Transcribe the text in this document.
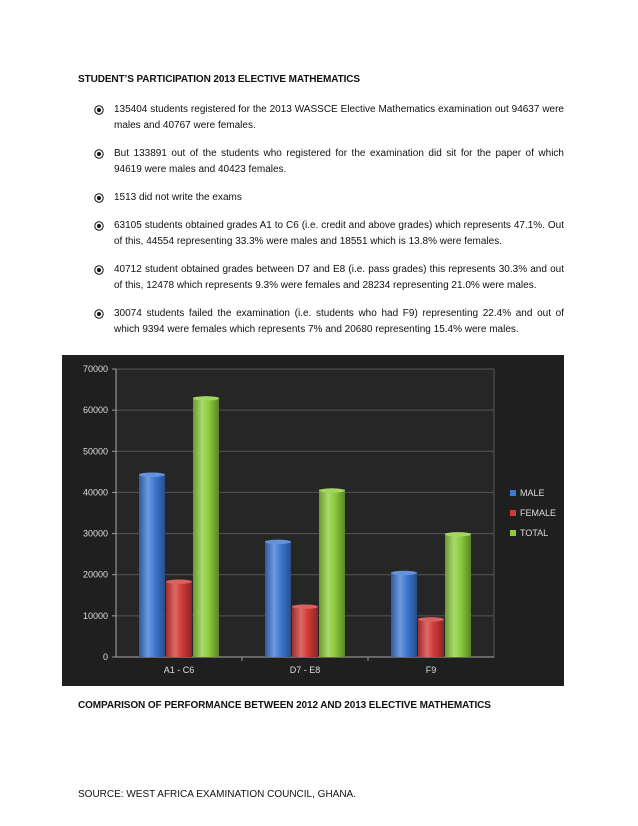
STUDENT’S PARTICIPATION 2013 ELECTIVE MATHEMATICS
135404 students registered for the 2013 WASSCE Elective Mathematics examination out 94637 were males and 40767 were females.
But 133891 out of the students who registered for the examination did sit for the paper of which 94619 were males and 40423 females.
1513 did not write the exams
63105 students obtained grades A1 to C6 (i.e. credit and above grades) which represents 47.1%. Out of this, 44554 representing 33.3% were males and 18551 which is 13.8% were females.
40712 student obtained grades between D7 and E8 (i.e. pass grades) this represents 30.3% and out of this, 12478 which represents 9.3% were females and 28234 representing 21.0% were males.
30074 students failed the examination (i.e. students who had F9) representing 22.4% and out of which 9394 were females which represents 7% and 20680 representing 15.4% were males.
0
10000
20000
30000
40000
50000
60000
70000
A1 - C6	D7 - E8	F9
MALE
FEMALE
TOTAL
COMPARISON OF PERFORMANCE BETWEEN 2012 AND 2013 ELECTIVE MATHEMATICS
SOURCE: WEST AFRICA EXAMINATION COUNCIL, GHANA.
